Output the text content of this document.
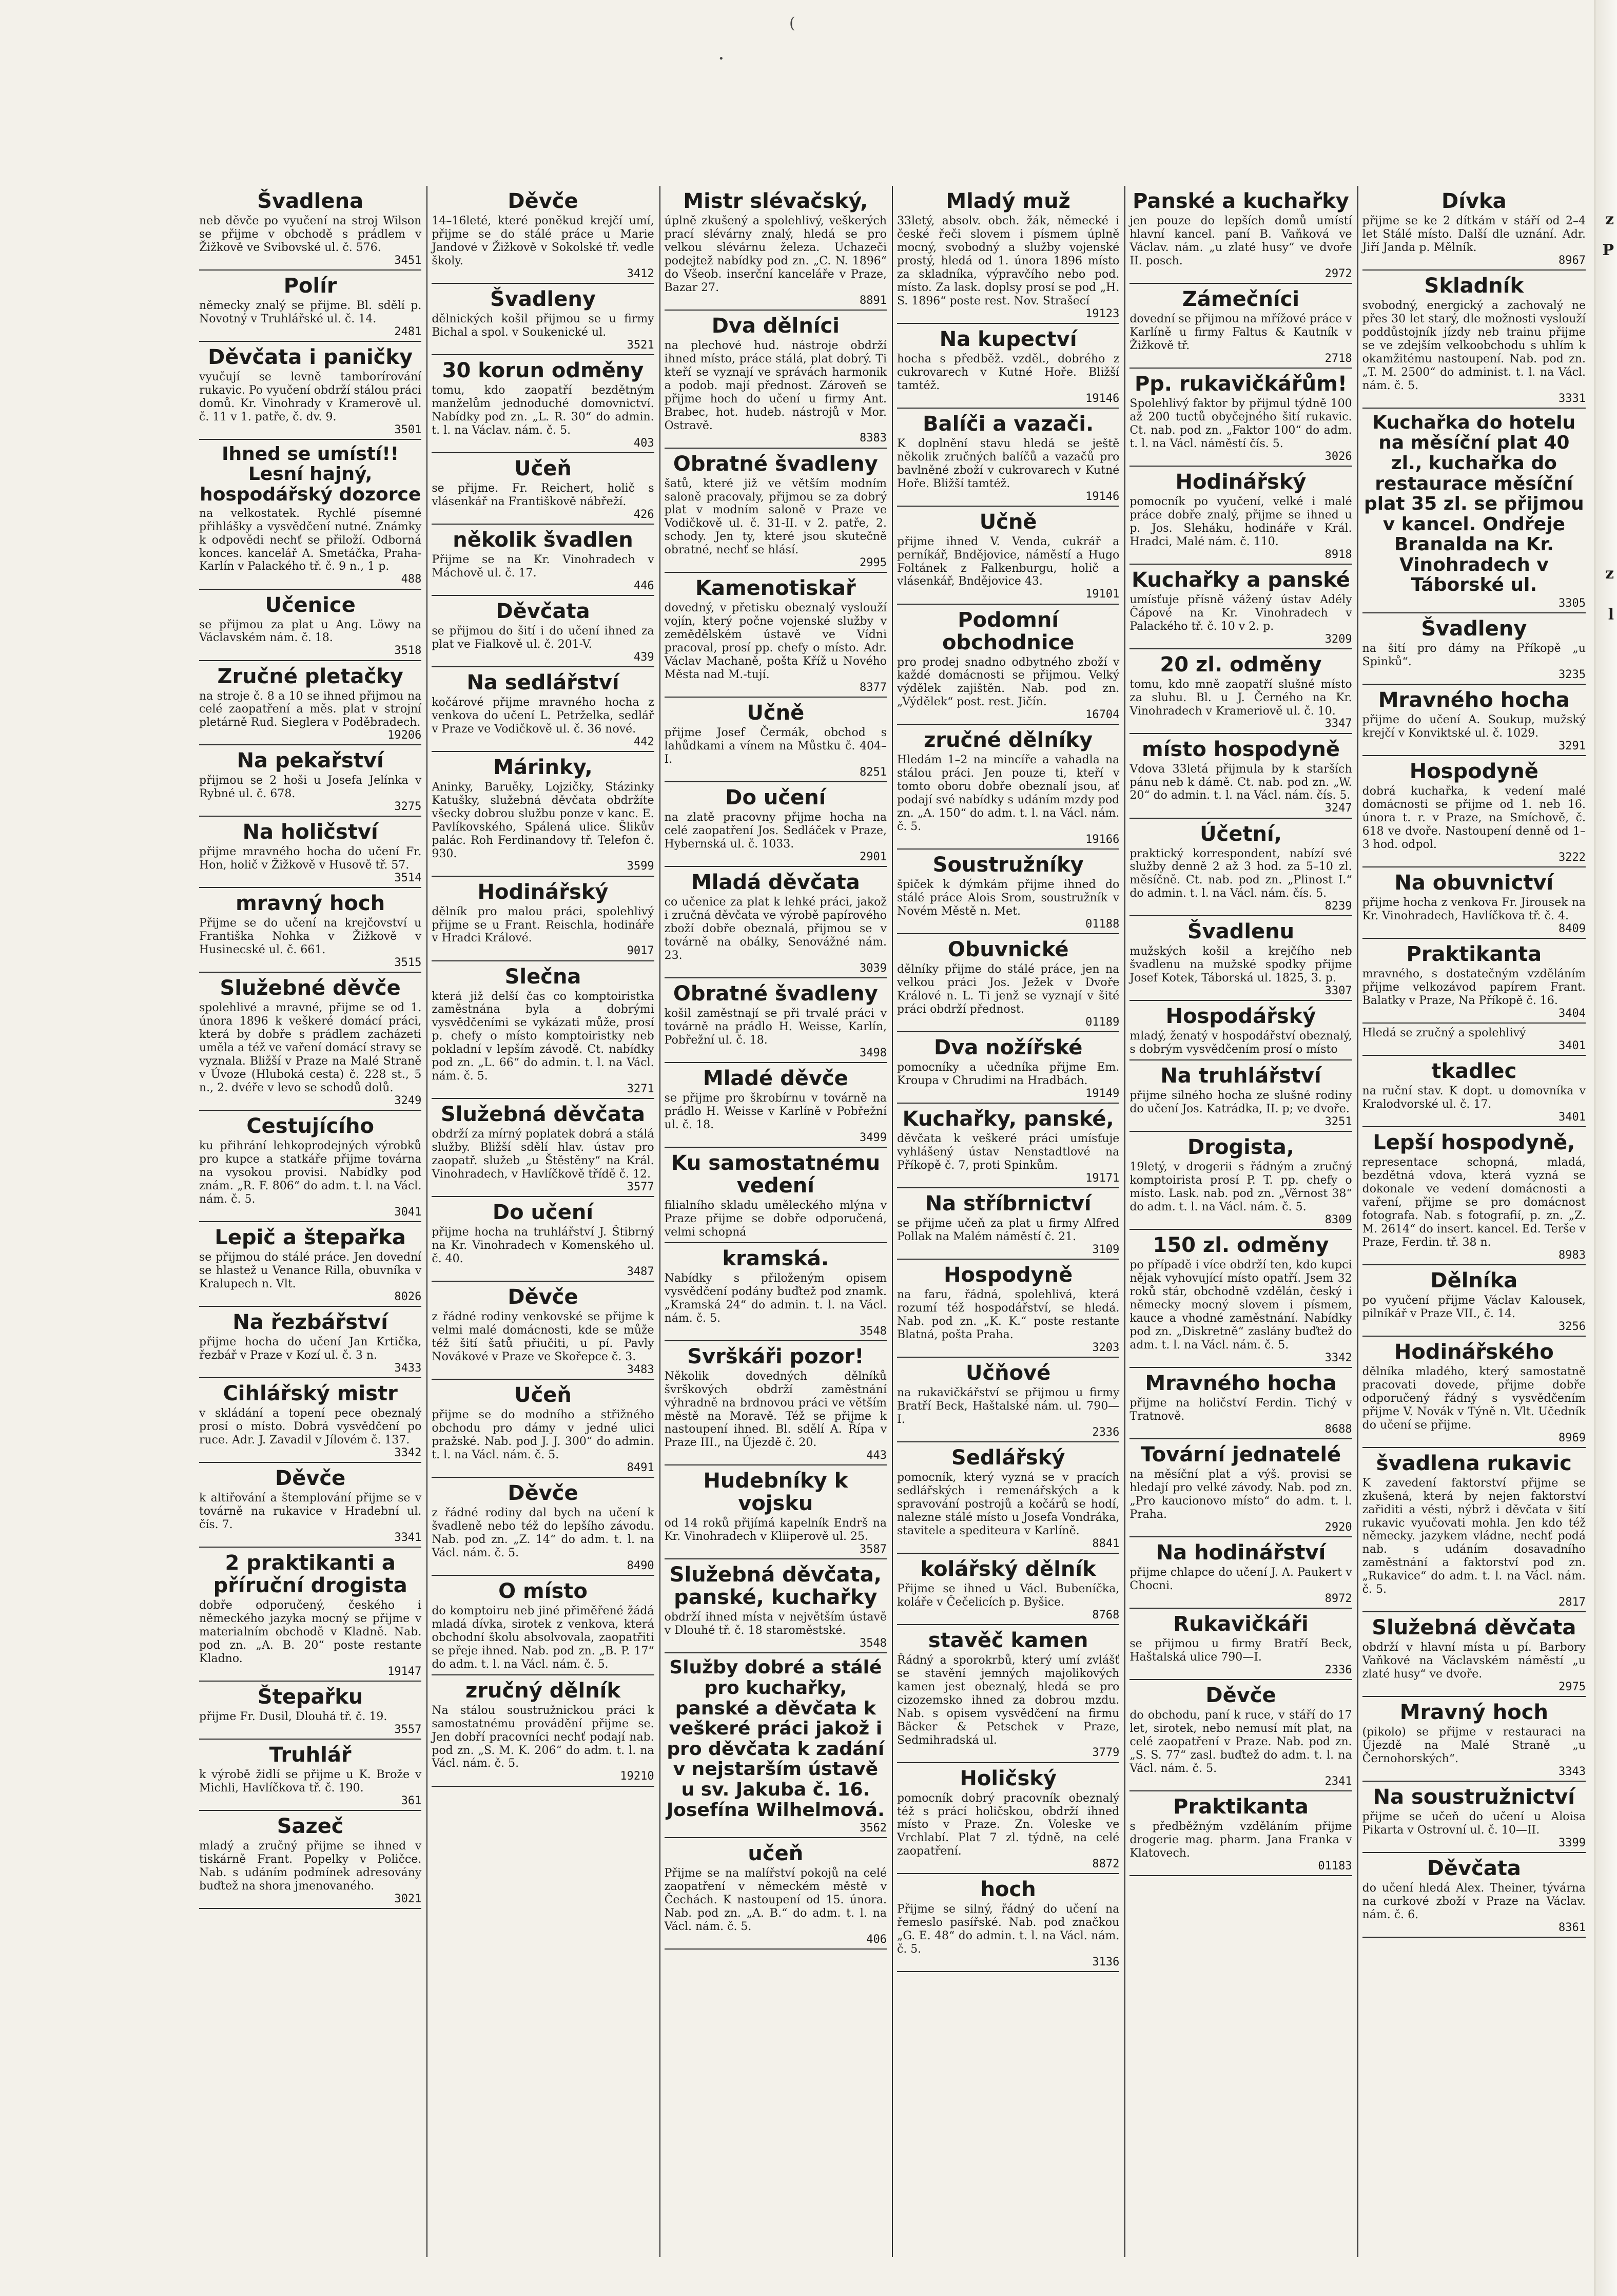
(
•
z
P
z
l
Švadlena

neb děvče po vyučení na stroj Wilson se přijme v obchodě s prádlem v Žižkově ve Svibovské ul. č. 576.

3451

Polír

německy znalý se přijme. Bl. sdělí p. Novotný v Truhlářské ul. č. 14.

2481

Děvčata i paničky

vyučují se levně tamborírování rukavic. Po vyučení obdrží stálou práci domů. Kr. Vinohrady v Kramerově ul. č. 11 v 1. patře, č. dv. 9.

3501

Ihned se umístí!! Lesní hajný, hospodářský dozorce

na velkostatek. Rychlé písemné přihlášky a vysvědčení nutné. Známky k odpovědi nechť se přiloží. Odborná konces. kancelář A. Smetáčka, Praha-Karlín v Palackého tř. č. 9 n., 1 p.

488

Učenice

se přijmou za plat u Ang. Löwy na Václavském nám. č. 18.

3518

Zručné pletačky

na stroje č. 8 a 10 se ihned přijmou na celé zaopatření a měs. plat v strojní pletárně Rud. Sieglera v Poděbradech.

19206

Na pekařství

přijmou se 2 hoši u Josefa Jelínka v Rybné ul. č. 678.

3275

Na holičství

přijme mravného hocha do učení Fr. Hon, holič v Žižkově v Husově tř. 57.

3514

mravný hoch

Přijme se do učení na krejčovství u Františka Nohka v Žižkově v Husinecské ul. č. 661.

3515

Služebné děvče

spolehlivé a mravné, přijme se od 1. února 1896 k veškeré domácí práci, která by dobře s prádlem zacházeti uměla a též ve vaření domácí stravy se vyznala. Bližší v Praze na Malé Straně v Úvoze (Hluboká cesta) č. 228 st., 5 n., 2. dvéře v levo se schodů dolů.

3249

Cestujícího

ku přihrání lehkoprodejných výrobků pro kupce a statkáře přijme továrna na vysokou provisi. Nabídky pod znám. „R. F. 806“ do adm. t. l. na Václ. nám. č. 5.

3041

Lepič a štepařka

se přijmou do stálé práce. Jen dovední se hlastež u Venance Rilla, obuvníka v Kralupech n. Vlt.

8026

Na řezbářství

přijme hocha do učení Jan Krtička, řezbář v Praze v Kozí ul. č. 3 n.

3433

Cihlářský mistr

v skládání a topení pece obeznalý prosí o místo. Dobrá vysvědčení po ruce. Adr. J. Zavadil v Jílovém č. 137.

3342

Děvče

k altiřování a štemplování přijme se v továrně na rukavice v Hradební ul. čís. 7.

3341

2 praktikanti a příruční drogista

dobře odporučený, českého i německého jazyka mocný se přijme v materialním obchodě v Kladně. Nab. pod zn. „A. B. 20“ poste restante Kladno.

19147

Štepařku

přijme Fr. Dusil, Dlouhá tř. č. 19.

3557

Truhlář

k výrobě židlí se přijme u K. Brože v Michli, Havlíčkova tř. č. 190.

361

Sazeč

mladý a zručný přijme se ihned v tiskárně Frant. Popelky v Poličce. Nab. s udáním podmínek adresovány buďtež na shora jmenovaného.

3021

Děvče

14–16leté, které poněkud krejčí umí, přijme se do stálé práce u Marie Jandové v Žižkově v Sokolské tř. vedle školy.

3412

Švadleny

dělnických košil přijmou se u firmy Bichal a spol. v Soukenické ul.

3521

30 korun odměny

tomu, kdo zaopatří bezdětným manželům jednoduché domovnictví. Nabídky pod zn. „L. R. 30“ do admin. t. l. na Václav. nám. č. 5.

403

Učeň

se přijme. Fr. Reichert, holič s vlásenkář na Františkově nábřeží.

426

několik švadlen

Přijme se na Kr. Vinohradech v Máchově ul. č. 17.

446

Děvčata

se přijmou do šití i do učení ihned za plat ve Fialkově ul. č. 201-V.

439

Na sedlářství

kočárové přijme mravného hocha z venkova do učení L. Petrželka, sedlář v Praze ve Vodičkově ul. č. 36 nové.

442

Márinky,

Aninky, Baruěky, Lojzičky, Stázinky Katušky, služebná děvčata obdržíte všecky dobrou službu ponze v kanc. E. Pavlíkovského, Spálená ulice. Šlikův palác. Roh Ferdinandovy tř. Telefon č. 930.

3599

Hodinářský

dělník pro malou práci, spolehlivý přijme se u Frant. Reischla, hodináře v Hradci Králové.

9017

Slečna

která již delší čas co komptoiristka zaměstnána byla a dobrými vysvědčeními se vykázati může, prosí p. chefy o místo komptoiristky neb pokladní v lepším závodě. Ct. nabídky pod zn. „L. 66“ do admin. t. l. na Václ. nám. č. 5.

3271

Služebná děvčata

obdrží za mírný poplatek dobrá a stálá služby. Bližší sdělí hlav. ústav pro zaopatř. služeb „u Štěstěny“ na Král. Vinohradech, v Havlíčkově třídě č. 12.

3577

Do učení

přijme hocha na truhlářství J. Štibrný na Kr. Vinohradech v Komenského ul. č. 40.

3487

Děvče

z řádné rodiny venkovské se přijme k velmi malé domácnosti, kde se může též šití šatů přiučiti, u pí. Pavly Novákové v Praze ve Skořepce č. 3.

3483

Učeň

přijme se do modního a střižného obchodu pro dámy v jedné ulici pražské. Nab. pod J. J. 300“ do admin. t. l. na Václ. nám. č. 5.

8491

Děvče

z řádné rodiny dal bych na učení k švadleně nebo též do lepšího závodu. Nab. pod zn. „Z. 14“ do adm. t. l. na Václ. nám. č. 5.

8490

O místo

do komptoiru neb jiné přiměřené žádá mladá dívka, sirotek z venkova, která obchodní školu absolvovala, zaopatřiti se přeje ihned. Nab. pod zn. „B. P. 17“ do adm. t. l. na Václ. nám. č. 5.

zručný dělník

Na stálou soustružnickou práci k samostatnému provádění přijme se. Jen dobří pracovníci nechť podají nab. pod zn. „S. M. K. 206“ do adm. t. l. na Václ. nám. č. 5.

19210

Mistr slévačský,

úplně zkušený a spolehlivý, veškerých prací slévárny znalý, hledá se pro velkou slévárnu železa. Uchazeči podejtež nabídky pod zn. „C. N. 1896“ do Všeob. inserční kanceláře v Praze, Bazar 27.

8891

Dva dělníci

na plechové hud. nástroje obdrží ihned místo, práce stálá, plat dobrý. Ti kteří se vyznají ve správách harmonik a podob. mají přednost. Zároveň se přijme hoch do učení u firmy Ant. Brabec, hot. hudeb. nástrojů v Mor. Ostravě.

8383

Obratné švadleny

šatů, které již ve větším modním saloně pracovaly, přijmou se za dobrý plat v modním saloně v Praze ve Vodičkově ul. č. 31-II. v 2. patře, 2. schody. Jen ty, které jsou skutečně obratné, nechť se hlásí.

2995

Kamenotiskař

dovedný, v přetisku obeznalý vyslouží vojín, který počne vojenské služby v zemědělském ústavě ve Vídni pracoval, prosí pp. chefy o místo. Adr. Václav Machaně, pošta Kříž u Nového Města nad M.-tují.

8377

Učně

přijme Josef Čermák, obchod s lahůdkami a vínem na Můstku č. 404–I.

8251

Do učení

na zlatě pracovny přijme hocha na celé zaopatření Jos. Sedláček v Praze, Hybernská ul. č. 1033.

2901

Mladá děvčata

co učenice za plat k lehké práci, jakož i zručná děvčata ve výrobě papírového zboží dobře obeznalá, přijmou se v továrně na obálky, Senovážné nám. 23.

3039

Obratné švadleny

košil zaměstnají se při trvalé práci v továrně na prádlo H. Weisse, Karlín, Pobřežní ul. č. 18.

3498

Mladé děvče

se přijme pro škrobírnu v továrně na prádlo H. Weisse v Karlíně v Pobřežní ul. č. 18.

3499

Ku samostatnému vedení

filialního skladu uměleckého mlýna v Praze přijme se dobře odporučená, velmi schopná

kramská.

Nabídky s přiloženým opisem vysvědčení podány buďtež pod znamk. „Kramská 24“ do admin. t. l. na Václ. nám. č. 5.

3548

Svrškáři pozor!

Několik dovedných dělníků švrškových obdrží zaměstnání výhradně na brdnovou práci ve větším městě na Moravě. Též se přijme k nastoupení ihned. Bl. sdělí A. Řípa v Praze III., na Újezdě č. 20.

443

Hudebníky k vojsku

od 14 roků přijímá kapelník Endrš na Kr. Vinohradech v Kliiperově ul. 25.

3587

Služebná děvčata, panské, kuchařky

obdrží ihned místa v největším ústavě v Dlouhé tř. č. 18 staroměstské.

3548

Služby dobré a stálé pro kuchařky, panské a děvčata k veškeré práci jakož i pro děvčata k zadání v nejstarším ústavě u sv. Jakuba č. 16. Josefína Wilhelmová.

3562

učeň

Přijme se na malířství pokojů na celé zaopatření v německém městě v Čechách. K nastoupení od 15. února. Nab. pod zn. „A. B.“ do adm. t. l. na Václ. nám. č. 5.

406

Mladý muž

33letý, absolv. obch. žák, německé i české řeči slovem i písmem úplně mocný, svobodný a služby vojenské prostý, hledá od 1. února 1896 místo za skladníka, výpravčího nebo pod. místo. Za lask. doplsy prosí se pod „H. S. 1896“ poste rest. Nov. Strašecí

19123

Na kupectví

hocha s předběž. vzděl., dobrého z cukrovarech v Kutné Hoře. Bližší tamtéž.

19146

Balíči a vazači.

K doplnění stavu hledá se ještě několik zručných balíčů a vazačů pro bavlněné zboží v cukrovarech v Kutné Hoře. Bližší tamtéž.

19146

Učně

přijme ihned V. Venda, cukrář a perníkář, Bndějovice, náměstí a Hugo Foltánek z Falkenburgu, holič a vlásenkář, Bndějovice 43.

19101

Podomní obchodnice

pro prodej snadno odbytného zboží v každé domácnosti se přijmou. Velký výdělek zajištěn. Nab. pod zn. „Výdělek“ post. rest. Jičín.

16704

zručné dělníky

Hledám 1–2 na mincíře a vahadla na stálou práci. Jen pouze ti, kteří v tomto oboru dobře obeznalí jsou, ať podají své nabídky s udáním mzdy pod zn. „A. 150“ do adm. t. l. na Václ. nám. č. 5.

19166

Soustružníky

špiček k dýmkám přijme ihned do stálé práce Alois Srom, soustružník v Novém Městě n. Met.

01188

Obuvnické

dělníky přijme do stálé práce, jen na velkou práci Jos. Ježek v Dvoře Králové n. L. Ti jenž se vyznají v šité práci obdrží přednost.

01189

Dva nožířské

pomocníky a učedníka přijme Em. Kroupa v Chrudimi na Hradbách.

19149

Kuchařky, panské,

děvčata k veškeré práci umísťuje vyhlášený ústav Nenstadtlové na Příkopě č. 7, proti Spinkům.

19171

Na stříbrnictví

se přijme učeň za plat u firmy Alfred Pollak na Malém náměstí č. 21.

3109

Hospodyně

na faru, řádná, spolehlivá, která rozumí též hospodářství, se hledá. Nab. pod zn. „K. K.“ poste restante Blatná, pošta Praha.

3203

Učňové

na rukavičkářství se přijmou u firmy Bratří Beck, Haštalské nám. ul. 790—I.

2336

Sedlářský

pomocník, který vyzná se v pracích sedlářských i remenářských a k spravování postrojů a kočárů se hodí, nalezne stálé místo u Josefa Vondráka, stavitele a spediteura v Karlíně.

8841

kolářský dělník

Přijme se ihned u Václ. Bubeníčka, koláře v Čečelicích p. Byšice.

8768

stavěč kamen

Řádný a sporokrbů, který umí zvlášť se stavění jemných majolikových kamen jest obeznalý, hledá se pro cizozemsko ihned za dobrou mzdu. Nab. s opisem vysvědčení na firmu Bäcker & Petschek v Praze, Sedmihradská ul.

3779

Holičský

pomocník dobrý pracovník obeznalý též s prácí holičskou, obdrží ihned místo v Praze. Zn. Voleske ve Vrchlabí. Plat 7 zl. týdně, na celé zaopatření.

8872

hoch

Přijme se silný, řádný do učení na řemeslo pasířské. Nab. pod značkou „G. E. 48“ do admin. t. l. na Václ. nám. č. 5.

3136

Panské a kuchařky

jen pouze do lepších domů umístí hlavní kancel. paní B. Vaňková ve Václav. nám. „u zlaté husy“ ve dvoře II. posch.

2972

Zámečníci

dovední se přijmou na mřížové práce v Karlíně u firmy Faltus & Kautník v Žižkově tř.

2718

Pp. rukavičkářům!

Spolehlivý faktor by přijmul týdně 100 až 200 tuctů obyčejného šití rukavic. Ct. nab. pod zn. „Faktor 100“ do adm. t. l. na Václ. náměstí čís. 5.

3026

Hodinářský

pomocník po vyučení, velké i malé práce dobře znalý, přijme se ihned u p. Jos. Sleháku, hodináře v Král. Hradci, Malé nám. č. 110.

8918

Kuchařky a panské

umísťuje přísně vážený ústav Adély Čápové na Kr. Vinohradech v Palackého tř. č. 10 v 2. p.

3209

20 zl. odměny

tomu, kdo mně zaopatří slušné místo za sluhu. Bl. u J. Černého na Kr. Vinohradech v Krameriově ul. č. 10.

3347

místo hospodyně

Vdova 33letá přijmula by k starších pánu neb k dámě. Ct. nab. pod zn. „W. 20“ do admin. t. l. na Václ. nám. čís. 5.

3247

Účetní,

praktický korrespondent, nabízí své služby denně 2 až 3 hod. za 5–10 zl. měsíčně. Ct. nab. pod zn. „Plinost I.“ do admin. t. l. na Václ. nám. čís. 5.

8239

Švadlenu

mužských košil a krejčího neb švadlenu na mužské spodky přijme Josef Kotek, Táborská ul. 1825, 3. p.

3307

Hospodářský

mladý, ženatý v hospodářství obeznalý, s dobrým vysvědčením prosí o místo

Na truhlářství

přijme silného hocha ze slušné rodiny do učení Jos. Katrádka, II. p; ve dvoře.

3251

Drogista,

19letý, v drogerii s řádným a zručný komptoirista prosí P. T. pp. chefy o místo. Lask. nab. pod zn. „Věrnost 38“ do adm. t. l. na Václ. nám. č. 5.

8309

150 zl. odměny

po případě i více obdrží ten, kdo kupci nějak vyhovující místo opatří. Jsem 32 roků stár, obchodně vzdělán, český i německy mocný slovem i písmem, kauce a vhodné zaměstnání. Nabídky pod zn. „Diskretně“ zaslány buďtež do adm. t. l. na Václ. nám. č. 5.

3342

Mravného hocha

přijme na holičství Ferdin. Tichý v Tratnově.

8688

Tovární jednatelé

na měsíční plat a výš. provisi se hledají pro velké závody. Nab. pod zn. „Pro kaucionovo místo“ do adm. t. l. Praha.

2920

Na hodinářství

přijme chlapce do učení J. A. Paukert v Chocni.

8972

Rukavičkáři

se přijmou u firmy Bratří Beck, Haštalská ulice 790—I.

2336

Děvče

do obchodu, paní k ruce, v stáří do 17 let, sirotek, nebo nemusí mít plat, na celé zaopatření v Praze. Nab. pod zn. „S. S. 77“ zasl. buďtež do adm. t. l. na Václ. nám. č. 5.

2341

Praktikanta

s předběžným vzděláním přijme drogerie mag. pharm. Jana Franka v Klatovech.

01183

Dívka

přijme se ke 2 dítkám v stáří od 2–4 let Stálé místo. Další dle uznání. Adr. Jiří Janda p. Mělník.

8967

Skladník

svobodný, energický a zachovalý ne přes 30 let starý, dle možnosti vyslouží poddůstojník jízdy neb trainu přijme se ve zdejším velkoobchodu s uhlím k okamžitému nastoupení. Nab. pod zn. „T. M. 2500“ do administ. t. l. na Václ. nám. č. 5.

3331

Kuchařka do hotelu na měsíční plat 40 zl., kuchařka do restaurace měsíční plat 35 zl. se přijmou v kancel. Ondřeje Branalda na Kr. Vinohradech v Táborské ul.

3305

Švadleny

na šití pro dámy na Příkopě „u Spinků“.

3235

Mravného hocha

přijme do učení A. Soukup, mužský krejčí v Konviktské ul. č. 1029.

3291

Hospodyně

dobrá kuchařka, k vedení malé domácnosti se přijme od 1. neb 16. února t. r. v Praze, na Smíchově, č. 618 ve dvoře. Nastoupení denně od 1–3 hod. odpol.

3222

Na obuvnictví

přijme hocha z venkova Fr. Jirousek na Kr. Vinohradech, Havlíčkova tř. č. 4.

8409

Praktikanta

mravného, s dostatečným vzděláním přijme velkozávod papírem Frant. Balatky v Praze, Na Příkopě č. 16.

3404

Hledá se zručný a spolehlivý

3401

tkadlec

na ruční stav. K dopt. u domovníka v Kralodvorské ul. č. 17.

3401

Lepší hospodyně,

representace schopná, mladá, bezdětná vdova, která vyzná se dokonale ve vedení domácnosti a vaření, přijme se pro domácnost fotografa. Nab. s fotografií, p. zn. „Z. M. 2614“ do insert. kancel. Ed. Terše v Praze, Ferdin. tř. 38 n.

8983

Dělníka

po vyučení přijme Václav Kalousek, pilníkář v Praze VII., č. 14.

3256

Hodinářského

dělníka mladého, který samostatně pracovati dovede, přijme dobře odporučený řádný s vysvědčením přijme V. Novák v Týně n. Vlt. Učedník do učení se přijme.

8969

švadlena rukavic

K zavedení faktorství přijme se zkušená, která by nejen faktorství zařiditi a vésti, nýbrž i děvčata v šití rukavic vyučovati mohla. Jen kdo též německy. jazykem vládne, nechť podá nab. s udáním dosavadního zaměstnání a faktorství pod zn. „Rukavice“ do adm. t. l. na Václ. nám. č. 5.

2817

Služebná děvčata

obdrží v hlavní místa u pí. Barbory Vaňkové na Václavském náměstí „u zlaté husy“ ve dvoře.

2975

Mravný hoch

(pikolo) se přijme v restauraci na Újezdě na Malé Straně „u Černohorských“.

3343

Na soustružnictví

přijme se učeň do učení u Aloisa Pikarta v Ostrovní ul. č. 10—II.

3399

Děvčata

do učení hledá Alex. Theiner, tývárna na curkové zboží v Praze na Václav. nám. č. 6.

8361
